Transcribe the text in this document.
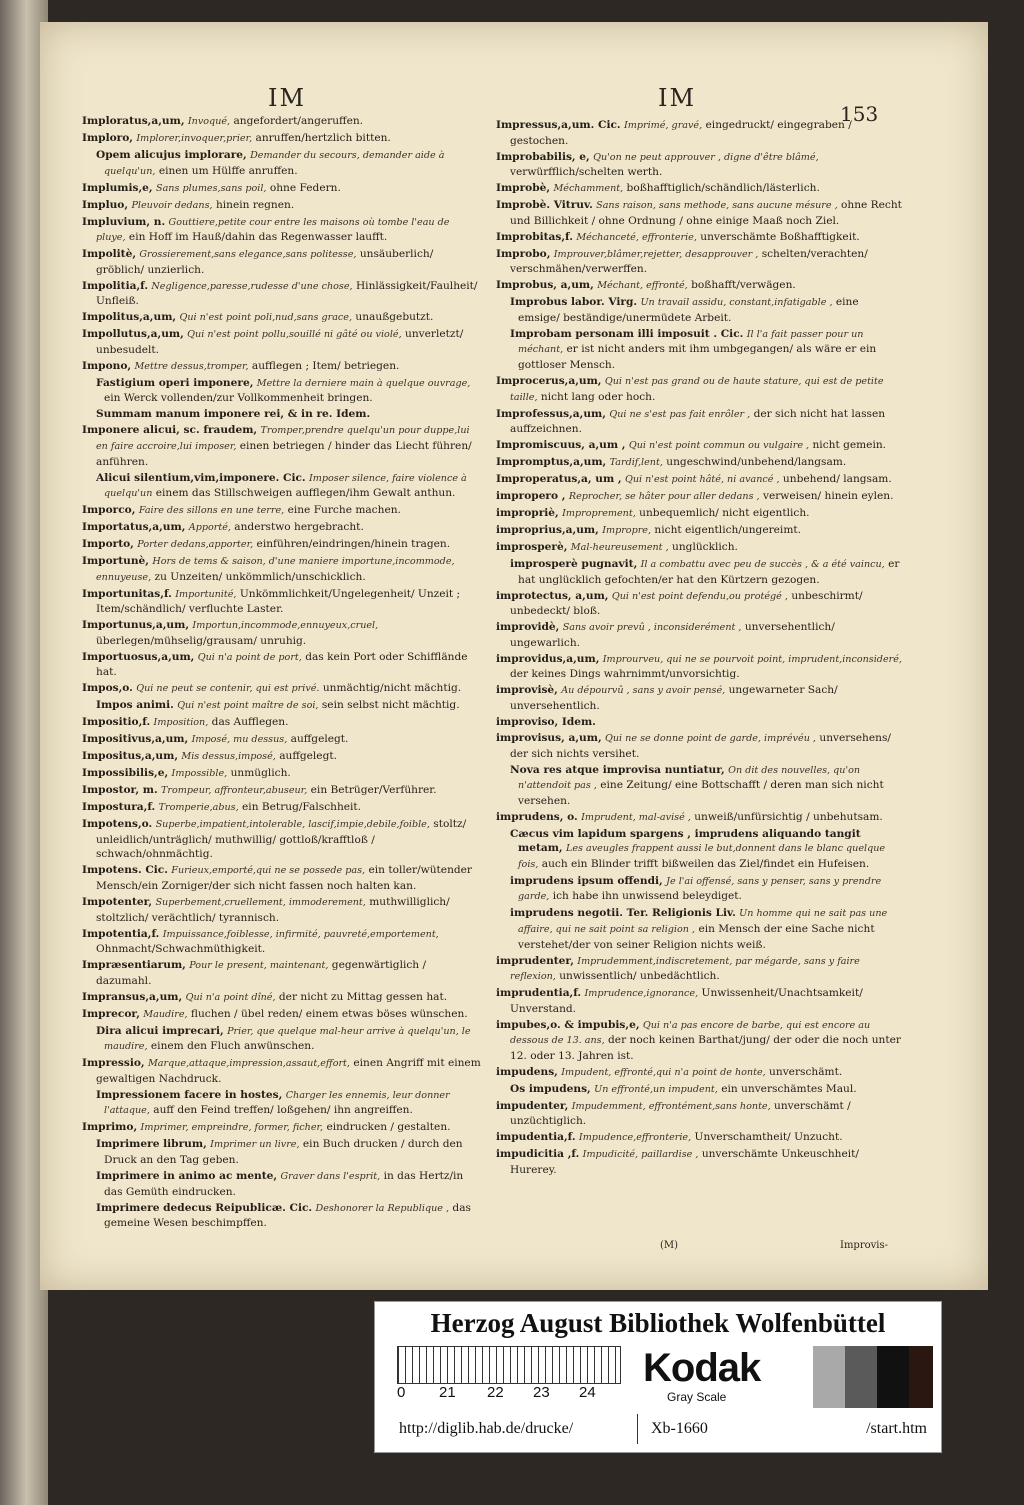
IM	IM
153

Imploratus,a,um, Invoqué, angefordert/angeruffen.

Imploro, Implorer,invoquer,prier, anruffen/hertzlich bitten.

Opem alicujus implorare, Demander du secours, demander aide à quelqu'un, einen um Hülffe anruffen.

Implumis,e, Sans plumes,sans poil, ohne Federn.

Impluo, Pleuvoir dedans, hinein regnen.

Impluvium, n. Gouttiere,petite cour entre les maisons où tombe l'eau de pluye, ein Hoff im Hauß/dahin das Regenwasser laufft.

Impolitè, Grossierement,sans elegance,sans politesse, unsäuberlich/ gröblich/ unzierlich.

Impolitia,f. Negligence,paresse,rudesse d'une chose, Hinlässigkeit/Faulheit/ Unfleiß.

Impolitus,a,um, Qui n'est point poli,nud,sans grace, unaußgebutzt.

Impollutus,a,um, Qui n'est point pollu,souillé ni gâté ou violé, unverletzt/ unbesudelt.

Impono, Mettre dessus,tromper, aufflegen ; Item/ betriegen.

Fastigium operi imponere, Mettre la derniere main à quelque ouvrage, ein Werck vollenden/zur Vollkommenheit bringen.

Summam manum imponere rei, & in re. Idem.

Imponere alicui, sc. fraudem, Tromper,prendre quelqu'un pour duppe,lui en faire accroire,lui imposer, einen betriegen / hinder das Liecht führen/ anführen.

Alicui silentium,vim,imponere. Cic. Imposer silence, faire violence à quelqu'un einem das Stillschweigen aufflegen/ihm Gewalt anthun.

Imporco, Faire des sillons en une terre, eine Furche machen.

Importatus,a,um, Apporté, anderstwo hergebracht.

Importo, Porter dedans,apporter, einführen/eindringen/hinein tragen.

Importunè, Hors de tems & saison, d'une maniere importune,incommode, ennuyeuse, zu Unzeiten/ unkömmlich/unschicklich.

Importunitas,f. Importunité, Unkömmlichkeit/Ungelegenheit/ Unzeit ; Item/schändlich/ verfluchte Laster.

Importunus,a,um, Importun,incommode,ennuyeux,cruel, überlegen/mühselig/grausam/ unruhig.

Importuosus,a,um, Qui n'a point de port, das kein Port oder Schifflände hat.

Impos,o. Qui ne peut se contenir, qui est privé. unmächtig/nicht mächtig.

Impos animi. Qui n'est point maître de soi, sein selbst nicht mächtig.

Impositio,f. Imposition, das Aufflegen.

Impositivus,a,um, Imposé, mu dessus, auffgelegt.

Impositus,a,um, Mis dessus,imposé, auffgelegt.

Impossibilis,e, Impossible, unmüglich.

Impostor, m. Trompeur, affronteur,abuseur, ein Betrüger/Verführer.

Impostura,f. Tromperie,abus, ein Betrug/Falschheit.

Impotens,o. Superbe,impatient,intolerable, lascif,impie,debile,foible, stoltz/ unleidlich/unträglich/ muthwillig/ gottloß/krafftloß / schwach/ohnmächtig.

Impotens. Cic. Furieux,emporté,qui ne se possede pas, ein toller/wütender Mensch/ein Zorniger/der sich nicht fassen noch halten kan.

Impotenter, Superbement,cruellement, immoderement, muthwilliglich/ stoltzlich/ verächtlich/ tyrannisch.

Impotentia,f. Impuissance,foiblesse, infirmité, pauvreté,emportement, Ohnmacht/Schwachmüthigkeit.

Impræsentiarum, Pour le present, maintenant, gegenwärtiglich / dazumahl.

Impransus,a,um, Qui n'a point dîné, der nicht zu Mittag gessen hat.

Imprecor, Maudire, fluchen / übel reden/ einem etwas böses wünschen.

Dira alicui imprecari, Prier, que quelque mal-heur arrive à quelqu'un, le maudire, einem den Fluch anwünschen.

Impressio, Marque,attaque,impression,assaut,effort, einen Angriff mit einem gewaltigen Nachdruck.

Impressionem facere in hostes, Charger les ennemis, leur donner l'attaque, auff den Feind treffen/ loßgehen/ ihn angreiffen.

Imprimo, Imprimer, empreindre, former, ficher, eindrucken / gestalten.

Imprimere librum, Imprimer un livre, ein Buch drucken / durch den Druck an den Tag geben.

Imprimere in animo ac mente, Graver dans l'esprit, in das Hertz/in das Gemüth eindrucken.

Imprimere dedecus Reipublicæ. Cic. Deshonorer la Republique , das gemeine Wesen beschimpffen.

Impressus,a,um. Cic. Imprimé, gravé, eingedruckt/ eingegraben / gestochen.

Improbabilis, e, Qu'on ne peut approuver , digne d'être blâmé, verwürfflich/schelten werth.

Improbè, Méchamment, boßhafftiglich/schändlich/lästerlich.

Improbè. Vitruv. Sans raison, sans methode, sans aucune mésure , ohne Recht und Billichkeit / ohne Ordnung / ohne einige Maaß noch Ziel.

Improbitas,f. Méchanceté, effronterie, unverschämte Boßhafftigkeit.

Improbo, Improuver,blâmer,rejetter, desapprouver , schelten/verachten/ verschmähen/verwerffen.

Improbus, a,um, Méchant, effronté, boßhafft/verwägen.

Improbus labor. Virg. Un travail assidu, constant,infatigable , eine emsige/ beständige/unermüdete Arbeit.

Improbam personam illi imposuit . Cic. Il l'a fait passer pour un méchant, er ist nicht anders mit ihm umbgegangen/ als wäre er ein gottloser Mensch.

Improcerus,a,um, Qui n'est pas grand ou de haute stature, qui est de petite taille, nicht lang oder hoch.

Improfessus,a,um, Qui ne s'est pas fait enrôler , der sich nicht hat lassen auffzeichnen.

Impromiscuus, a,um , Qui n'est point commun ou vulgaire , nicht gemein.

Impromptus,a,um, Tardif,lent, ungeschwind/unbehend/langsam.

Improperatus,a, um , Qui n'est point hâté, ni avancé , unbehend/ langsam.

impropero , Reprocher, se hâter pour aller dedans , verweisen/ hinein eylen.

impropriè, Improprement, unbequemlich/ nicht eigentlich.

improprius,a,um, Impropre, nicht eigentlich/ungereimt.

improsperè, Mal-heureusement , unglücklich.

improsperè pugnavit, Il a combattu avec peu de succès , & a été vaincu, er hat unglücklich gefochten/er hat den Kürtzern gezogen.

improtectus, a,um, Qui n'est point defendu,ou protégé , unbeschirmt/ unbedeckt/ bloß.

improvidè, Sans avoir prevû , inconsiderément , unversehentlich/ ungewarlich.

improvidus,a,um, Improurveu, qui ne se pourvoit point, imprudent,inconsideré, der keines Dings wahrnimmt/unvorsichtig.

improvisè, Au dépourvû , sans y avoir pensé, ungewarneter Sach/ unversehentlich.

improviso, Idem.

improvisus, a,um, Qui ne se donne point de garde, imprévéu , unversehens/ der sich nichts versihet.

Nova res atque improvisa nuntiatur, On dit des nouvelles, qu'on n'attendoit pas , eine Zeitung/ eine Bottschafft / deren man sich nicht versehen.

imprudens, o. Imprudent, mal-avisé , unweiß/unfürsichtig / unbehutsam.

Cæcus vim lapidum spargens , imprudens aliquando tangit metam, Les aveugles frappent aussi le but,donnent dans le blanc quelque fois, auch ein Blinder trifft bißweilen das Ziel/findet ein Hufeisen.

imprudens ipsum offendi, Je l'ai offensé, sans y penser, sans y prendre garde, ich habe ihn unwissend beleydiget.

imprudens negotii. Ter. Religionis Liv. Un homme qui ne sait pas une affaire, qui ne sait point sa religion , ein Mensch der eine Sache nicht verstehet/der von seiner Religion nichts weiß.

imprudenter, Imprudemment,indiscretement, par mégarde, sans y faire reflexion, unwissentlich/ unbedächtlich.

imprudentia,f. Imprudence,ignorance, Unwissenheit/Unachtsamkeit/ Unverstand.

impubes,o. & impubis,e, Qui n'a pas encore de barbe, qui est encore au dessous de 13. ans, der noch keinen Barthat/jung/ der oder die noch unter 12. oder 13. Jahren ist.

impudens, Impudent, effronté,qui n'a point de honte, unverschämt.

Os impudens, Un effronté,un impudent, ein unverschämtes Maul.

impudenter, Impudemment, effrontément,sans honte, unverschämt / unzüchtiglich.

impudentia,f. Impudence,effronterie, Unverschamtheit/ Unzucht.

impudicitia ,f. Impudicité, paillardise , unverschämte Unkeuschheit/ Hurerey.

(M)	Improvis-
Herzog August Bibliothek Wolfenbüttel
0 21 22 23 24
Kodak
Gray Scale
http://diglib.hab.de/drucke/	Xb-1660	/start.htm
